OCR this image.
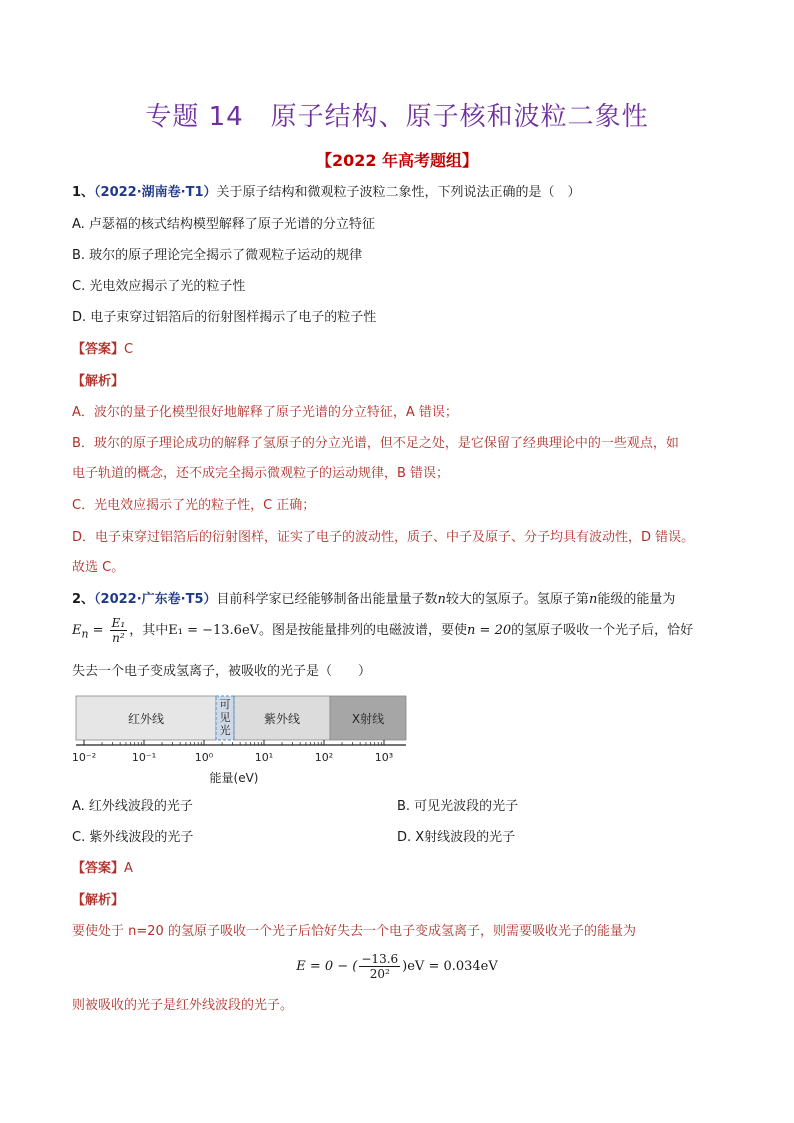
专题 14　原子结构、原子核和波粒二象性
【2022 年高考题组】
1、（2022·湖南卷·T1）关于原子结构和微观粒子波粒二象性，下列说法正确的是（　）
A. 卢瑟福的核式结构模型解释了原子光谱的分立特征
B. 玻尔的原子理论完全揭示了微观粒子运动的规律
C. 光电效应揭示了光的粒子性
D. 电子束穿过铝箔后的衍射图样揭示了电子的粒子性
【答案】C
【解析】
A．波尔的量子化模型很好地解释了原子光谱的分立特征，A 错误；
B．玻尔的原子理论成功的解释了氢原子的分立光谱，但不足之处，是它保留了经典理论中的一些观点，如
电子轨道的概念，还不成完全揭示微观粒子的运动规律，B 错误；
C．光电效应揭示了光的粒子性，C 正确；
D．电子束穿过铝箔后的衍射图样，证实了电子的波动性，质子、中子及原子、分子均具有波动性，D 错误。
故选 C。
2、（2022·广东卷·T5）目前科学家已经能够制备出能量量子数n较大的氢原子。氢原子第n能级的能量为
$E_n = \frac{\text{E₁}}{\text{n²}}$ ，其中E₁ = −13.6eV。图是按能量排列的电磁波谱，要使n = 20的氢原子吸收一个光子后，恰好
失去一个电子变成氢离子，被吸收的光子是（　　）
红外线
可见光
紫外线	X射线
10⁻²	10⁻¹	10⁰	10¹	10²	10³
能量(eV)
A. 红外线波段的光子	B. 可见光波段的光子
C. 紫外线波段的光子	D. X射线波段的光子
【答案】A
【解析】
要使处于 n=20 的氢原子吸收一个光子后恰好失去一个电子变成氢离子，则需要吸收光子的能量为
E = 0 − ( $\frac{-13.6}{\text{20²}} )eV = 0.034eV$
则被吸收的光子是红外线波段的光子。
